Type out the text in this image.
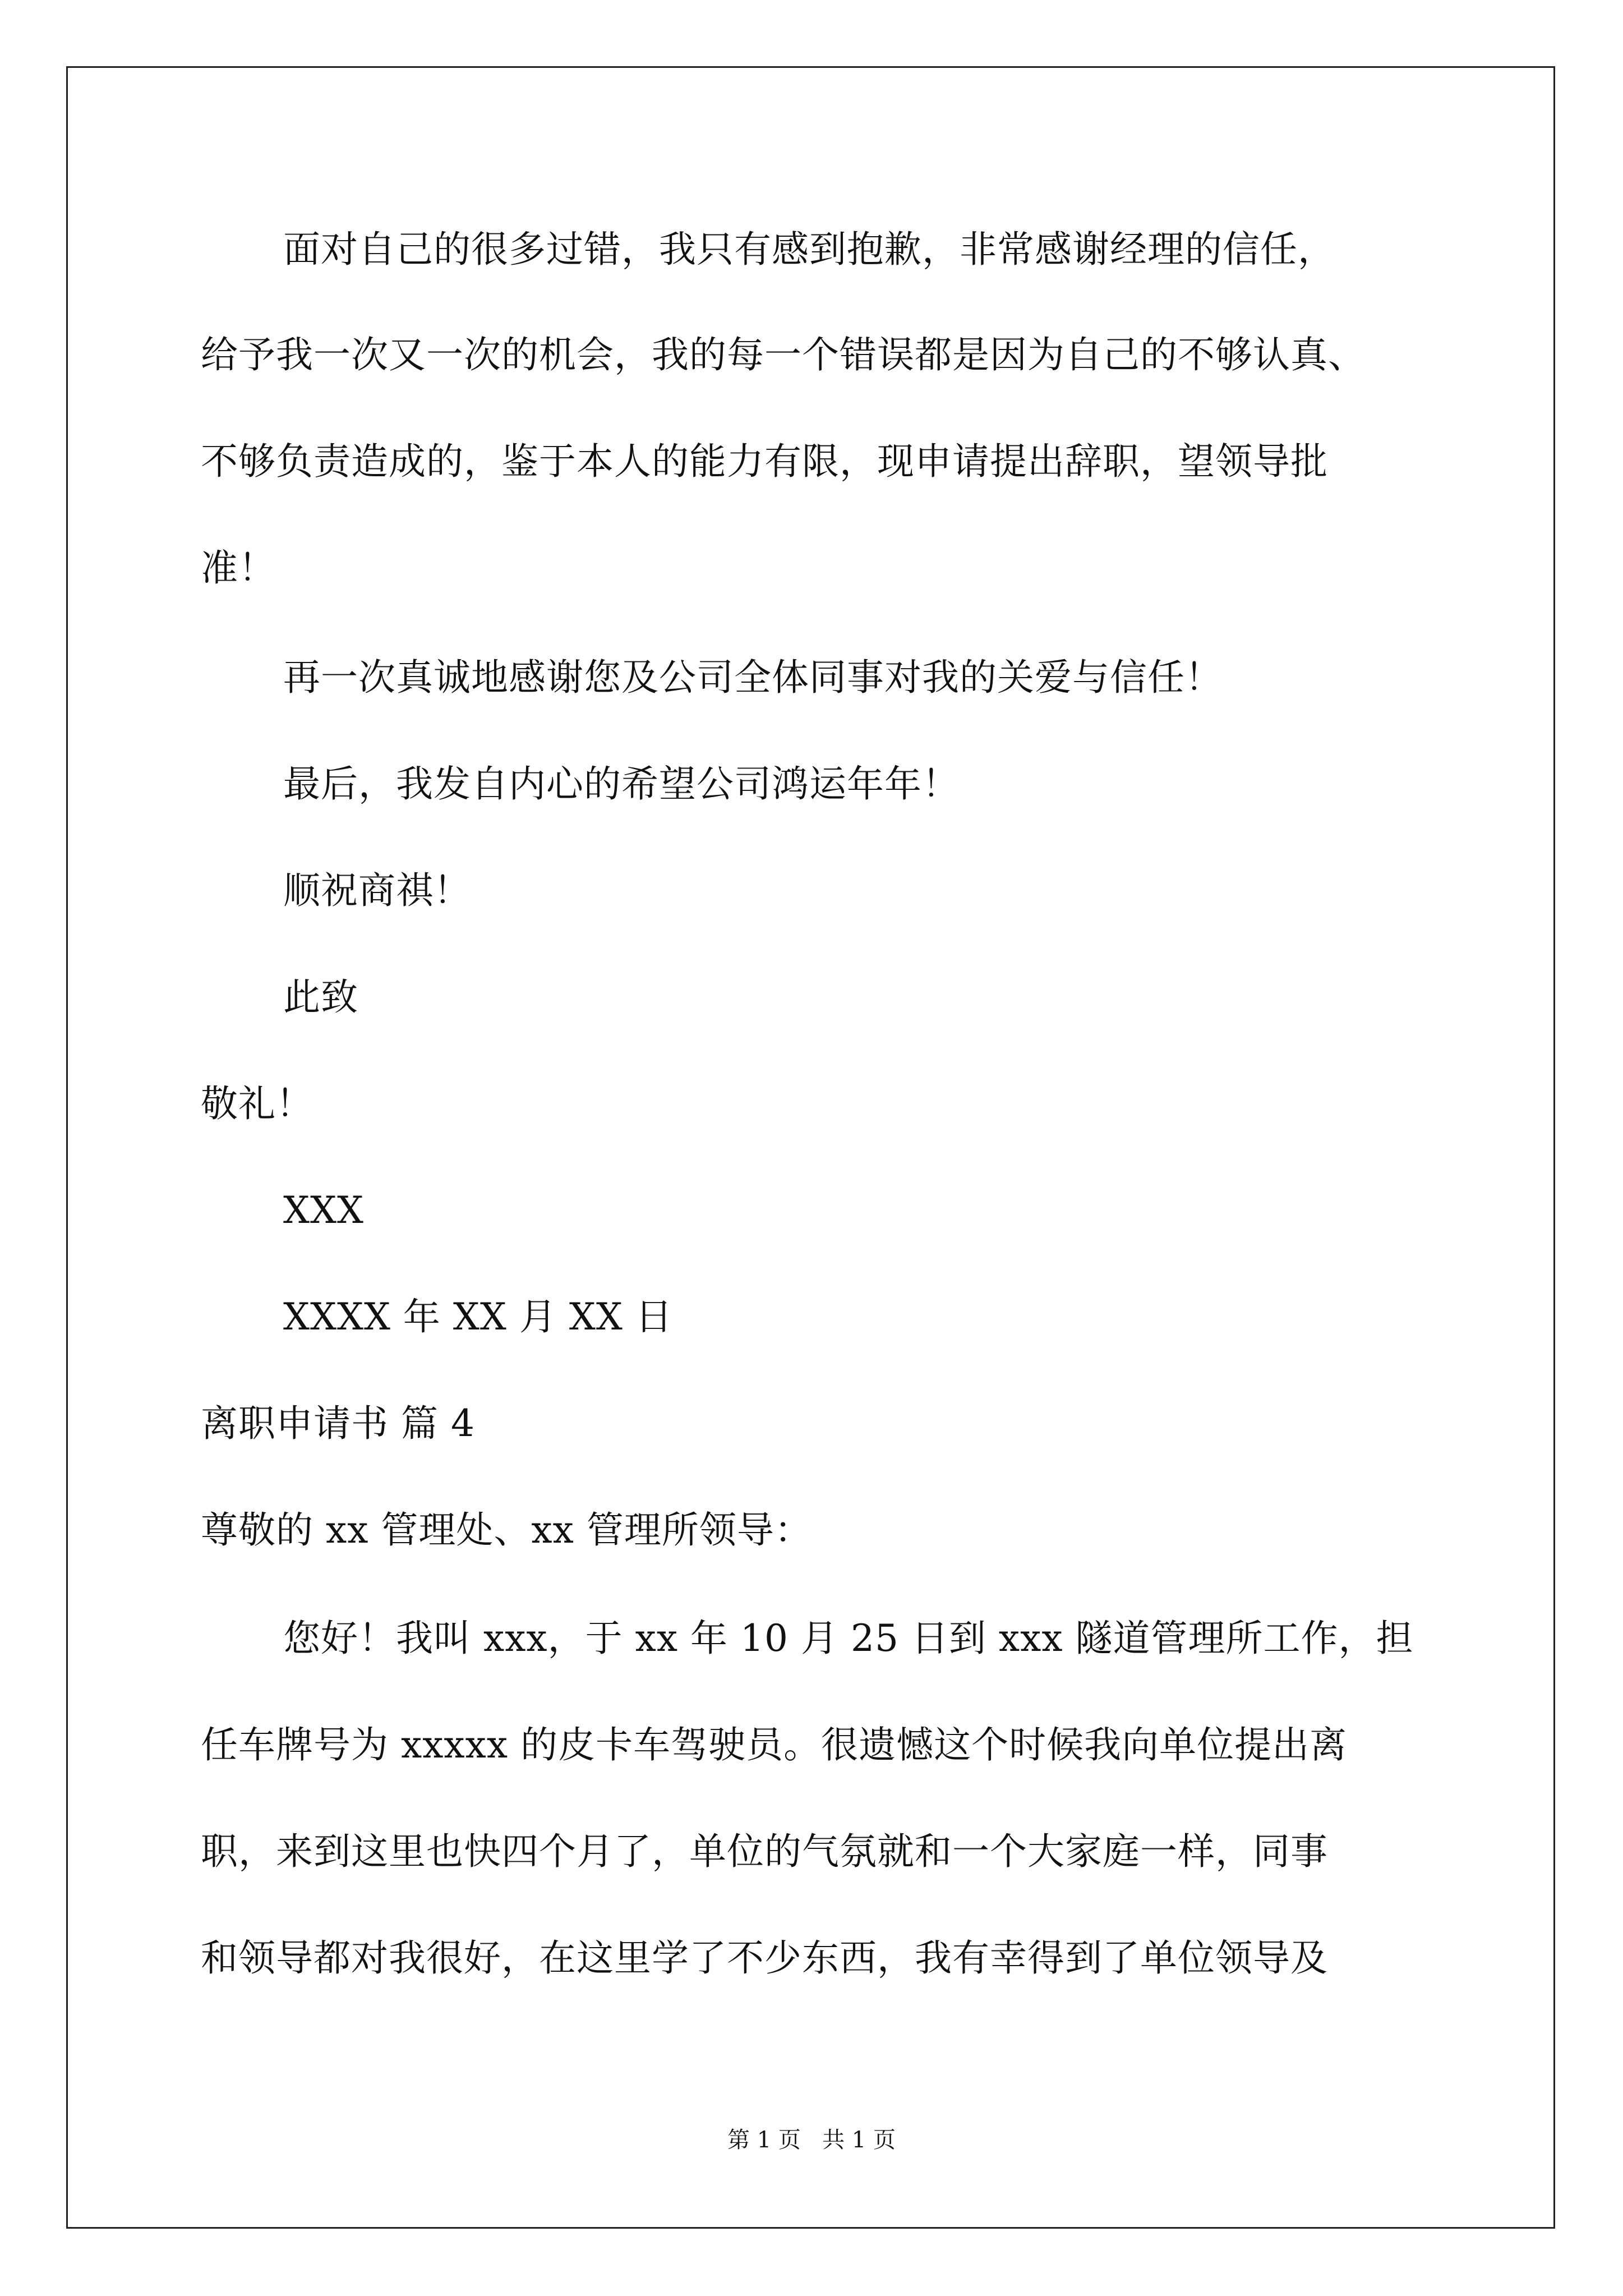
面对自己的很多过错，我只有感到抱歉，非常感谢经理的信任，
给予我一次又一次的机会，我的每一个错误都是因为自己的不够认真、
不够负责造成的，鉴于本人的能力有限，现申请提出辞职，望领导批
准！
再一次真诚地感谢您及公司全体同事对我的关爱与信任！
最后，我发自内心的希望公司鸿运年年！
顺祝商祺！
此致
敬礼！
XXX
XXXX 年 XX 月 XX 日
离职申请书 篇 4
尊敬的 xx 管理处、xx 管理所领导：
您好！我叫 xxx，于 xx 年 10 月 25 日到 xxx 隧道管理所工作，担
任车牌号为 xxxxx 的皮卡车驾驶员。很遗憾这个时候我向单位提出离
职，来到这里也快四个月了，单位的气氛就和一个大家庭一样，同事
和领导都对我很好，在这里学了不少东西，我有幸得到了单位领导及
第 1 页   共 1 页
